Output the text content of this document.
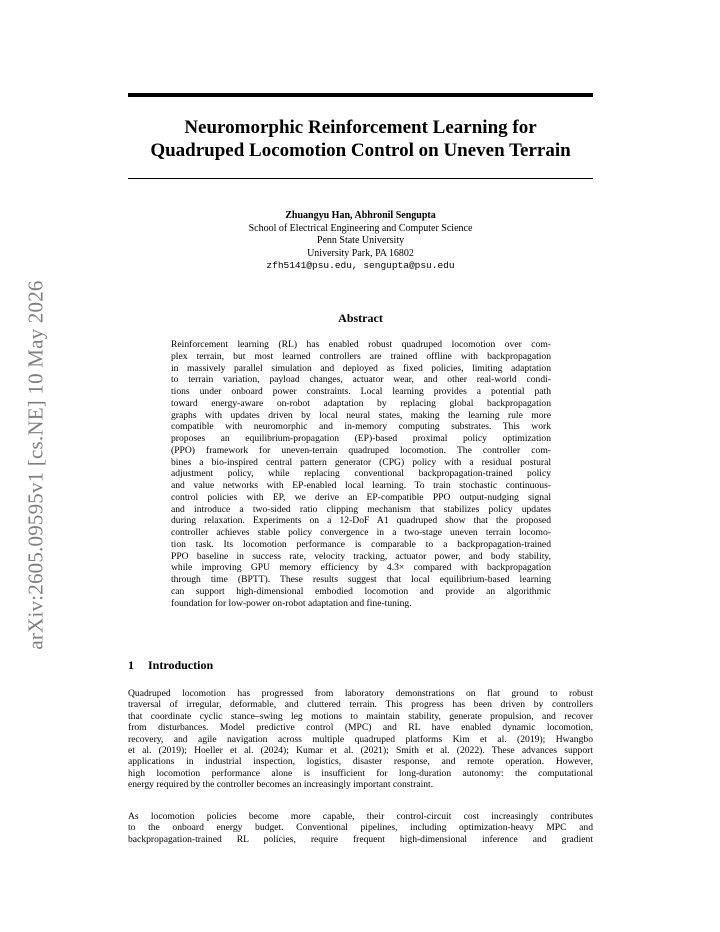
arXiv:2605.09595v1 [cs.NE] 10 May 2026
Neuromorphic Reinforcement Learning for
Quadruped Locomotion Control on Uneven Terrain
Zhuangyu Han, Abhronil Sengupta
School of Electrical Engineering and Computer Science
Penn State University
University Park, PA 16802
zfh5141@psu.edu, sengupta@psu.edu
Abstract
Reinforcement learning (RL) has enabled robust quadruped locomotion over com-
plex terrain, but most learned controllers are trained offline with backpropagation
in massively parallel simulation and deployed as fixed policies, limiting adaptation
to terrain variation, payload changes, actuator wear, and other real-world condi-
tions under onboard power constraints. Local learning provides a potential path
toward energy-aware on-robot adaptation by replacing global backpropagation
graphs with updates driven by local neural states, making the learning rule more
compatible with neuromorphic and in-memory computing substrates. This work
proposes an equilibrium-propagation (EP)-based proximal policy optimization
(PPO) framework for uneven-terrain quadruped locomotion. The controller com-
bines a bio-inspired central pattern generator (CPG) policy with a residual postural
adjustment policy, while replacing conventional backpropagation-trained policy
and value networks with EP-enabled local learning. To train stochastic continuous-
control policies with EP, we derive an EP-compatible PPO output-nudging signal
and introduce a two-sided ratio clipping mechanism that stabilizes policy updates
during relaxation. Experiments on a 12-DoF A1 quadruped show that the proposed
controller achieves stable policy convergence in a two-stage uneven terrain locomo-
tion task. Its locomotion performance is comparable to a backpropagation-trained
PPO baseline in success rate, velocity tracking, actuator power, and body stability,
while improving GPU memory efficiency by 4.3× compared with backpropagation
through time (BPTT). These results suggest that local equilibrium-based learning
can support high-dimensional embodied locomotion and provide an algorithmic
foundation for low-power on-robot adaptation and fine-tuning.
1 Introduction
Quadruped locomotion has progressed from laboratory demonstrations on flat ground to robust
traversal of irregular, deformable, and cluttered terrain. This progress has been driven by controllers
that coordinate cyclic stance–swing leg motions to maintain stability, generate propulsion, and recover
from disturbances. Model predictive control (MPC) and RL have enabled dynamic locomotion,
recovery, and agile navigation across multiple quadruped platforms Kim et al. (2019); Hwangbo
et al. (2019); Hoeller et al. (2024); Kumar et al. (2021); Smith et al. (2022). These advances support
applications in industrial inspection, logistics, disaster response, and remote operation. However,
high locomotion performance alone is insufficient for long-duration autonomy: the computational
energy required by the controller becomes an increasingly important constraint.
As locomotion policies become more capable, their control-circuit cost increasingly contributes
to the onboard energy budget. Conventional pipelines, including optimization-heavy MPC and
backpropagation-trained RL policies, require frequent high-dimensional inference and gradient
